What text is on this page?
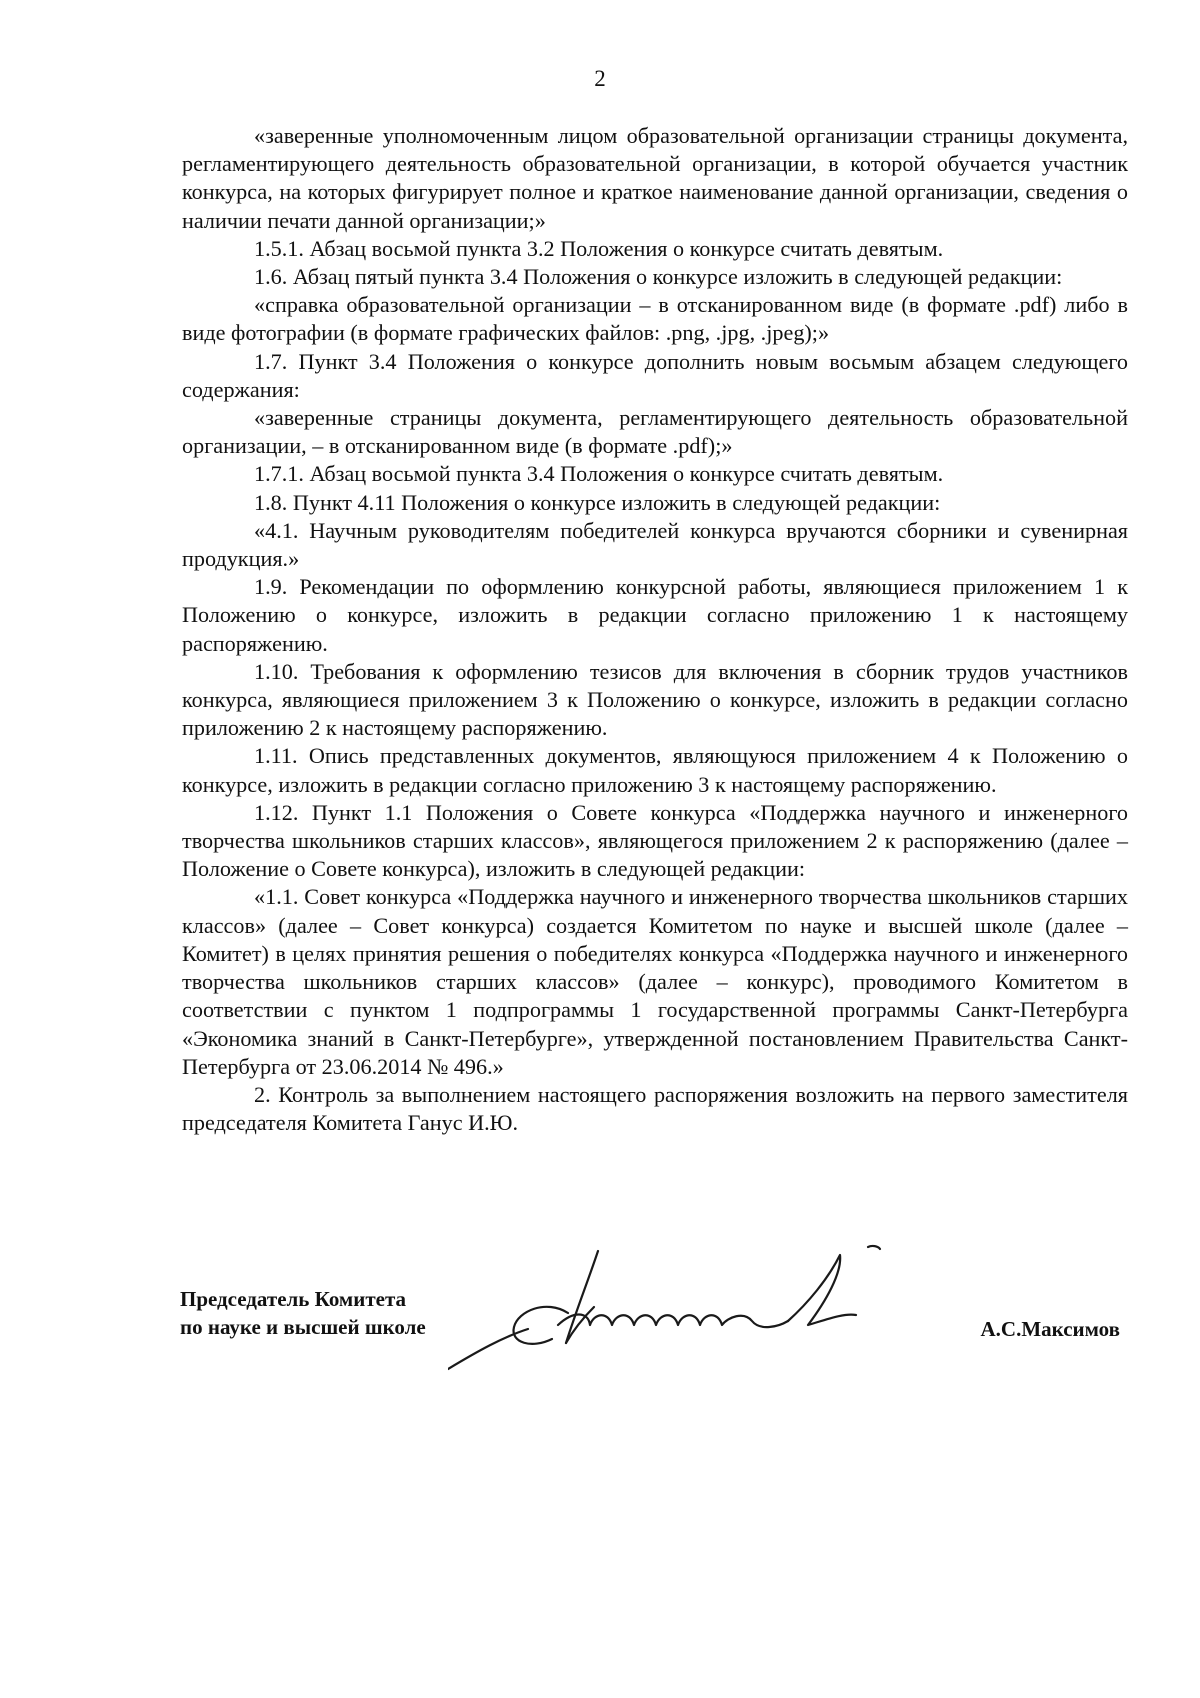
2

«заверенные уполномоченным лицом образовательной организации страницы документа, регламентирующего деятельность образовательной организации, в которой обучается участник конкурса, на которых фигурирует полное и краткое наименование данной организации, сведения о наличии печати данной организации;»

1.5.1. Абзац восьмой пункта 3.2 Положения о конкурсе считать девятым.

1.6. Абзац пятый пункта 3.4 Положения о конкурсе изложить в следующей редакции:

«справка образовательной организации – в отсканированном виде (в формате .pdf) либо в виде фотографии (в формате графических файлов: .png, .jpg, .jpeg);»

1.7. Пункт 3.4 Положения о конкурсе дополнить новым восьмым абзацем следующего содержания:

«заверенные страницы документа, регламентирующего деятельность образовательной организации, – в отсканированном виде (в формате .pdf);»

1.7.1. Абзац восьмой пункта 3.4 Положения о конкурсе считать девятым.

1.8. Пункт 4.11 Положения о конкурсе изложить в следующей редакции:

«4.1. Научным руководителям победителей конкурса вручаются сборники и сувенирная продукция.»

1.9. Рекомендации по оформлению конкурсной работы, являющиеся приложением 1 к Положению о конкурсе, изложить в редакции согласно приложению 1 к настоящему распоряжению.

1.10. Требования к оформлению тезисов для включения в сборник трудов участников конкурса, являющиеся приложением 3 к Положению о конкурсе, изложить в редакции согласно приложению 2 к настоящему распоряжению.

1.11. Опись представленных документов, являющуюся приложением 4 к Положению о конкурсе, изложить в редакции согласно приложению 3 к настоящему распоряжению.

1.12. Пункт 1.1 Положения о Совете конкурса «Поддержка научного и инженерного творчества школьников старших классов», являющегося приложением 2 к распоряжению (далее – Положение о Совете конкурса), изложить в следующей редакции:

«1.1. Совет конкурса «Поддержка научного и инженерного творчества школьников старших классов» (далее – Совет конкурса) создается Комитетом по науке и высшей школе (далее – Комитет) в целях принятия решения о победителях конкурса «Поддержка научного и инженерного творчества школьников старших классов» (далее – конкурс), проводимого Комитетом в соответствии с пунктом 1 подпрограммы 1 государственной программы Санкт-Петербурга «Экономика знаний в Санкт-Петербурге», утвержденной постановлением Правительства Санкт-Петербурга от 23.06.2014 № 496.»

2. Контроль за выполнением настоящего распоряжения возложить на первого заместителя председателя Комитета Ганус И.Ю.

Председатель Комитета
по науке и высшей школе	А.С.Максимов
